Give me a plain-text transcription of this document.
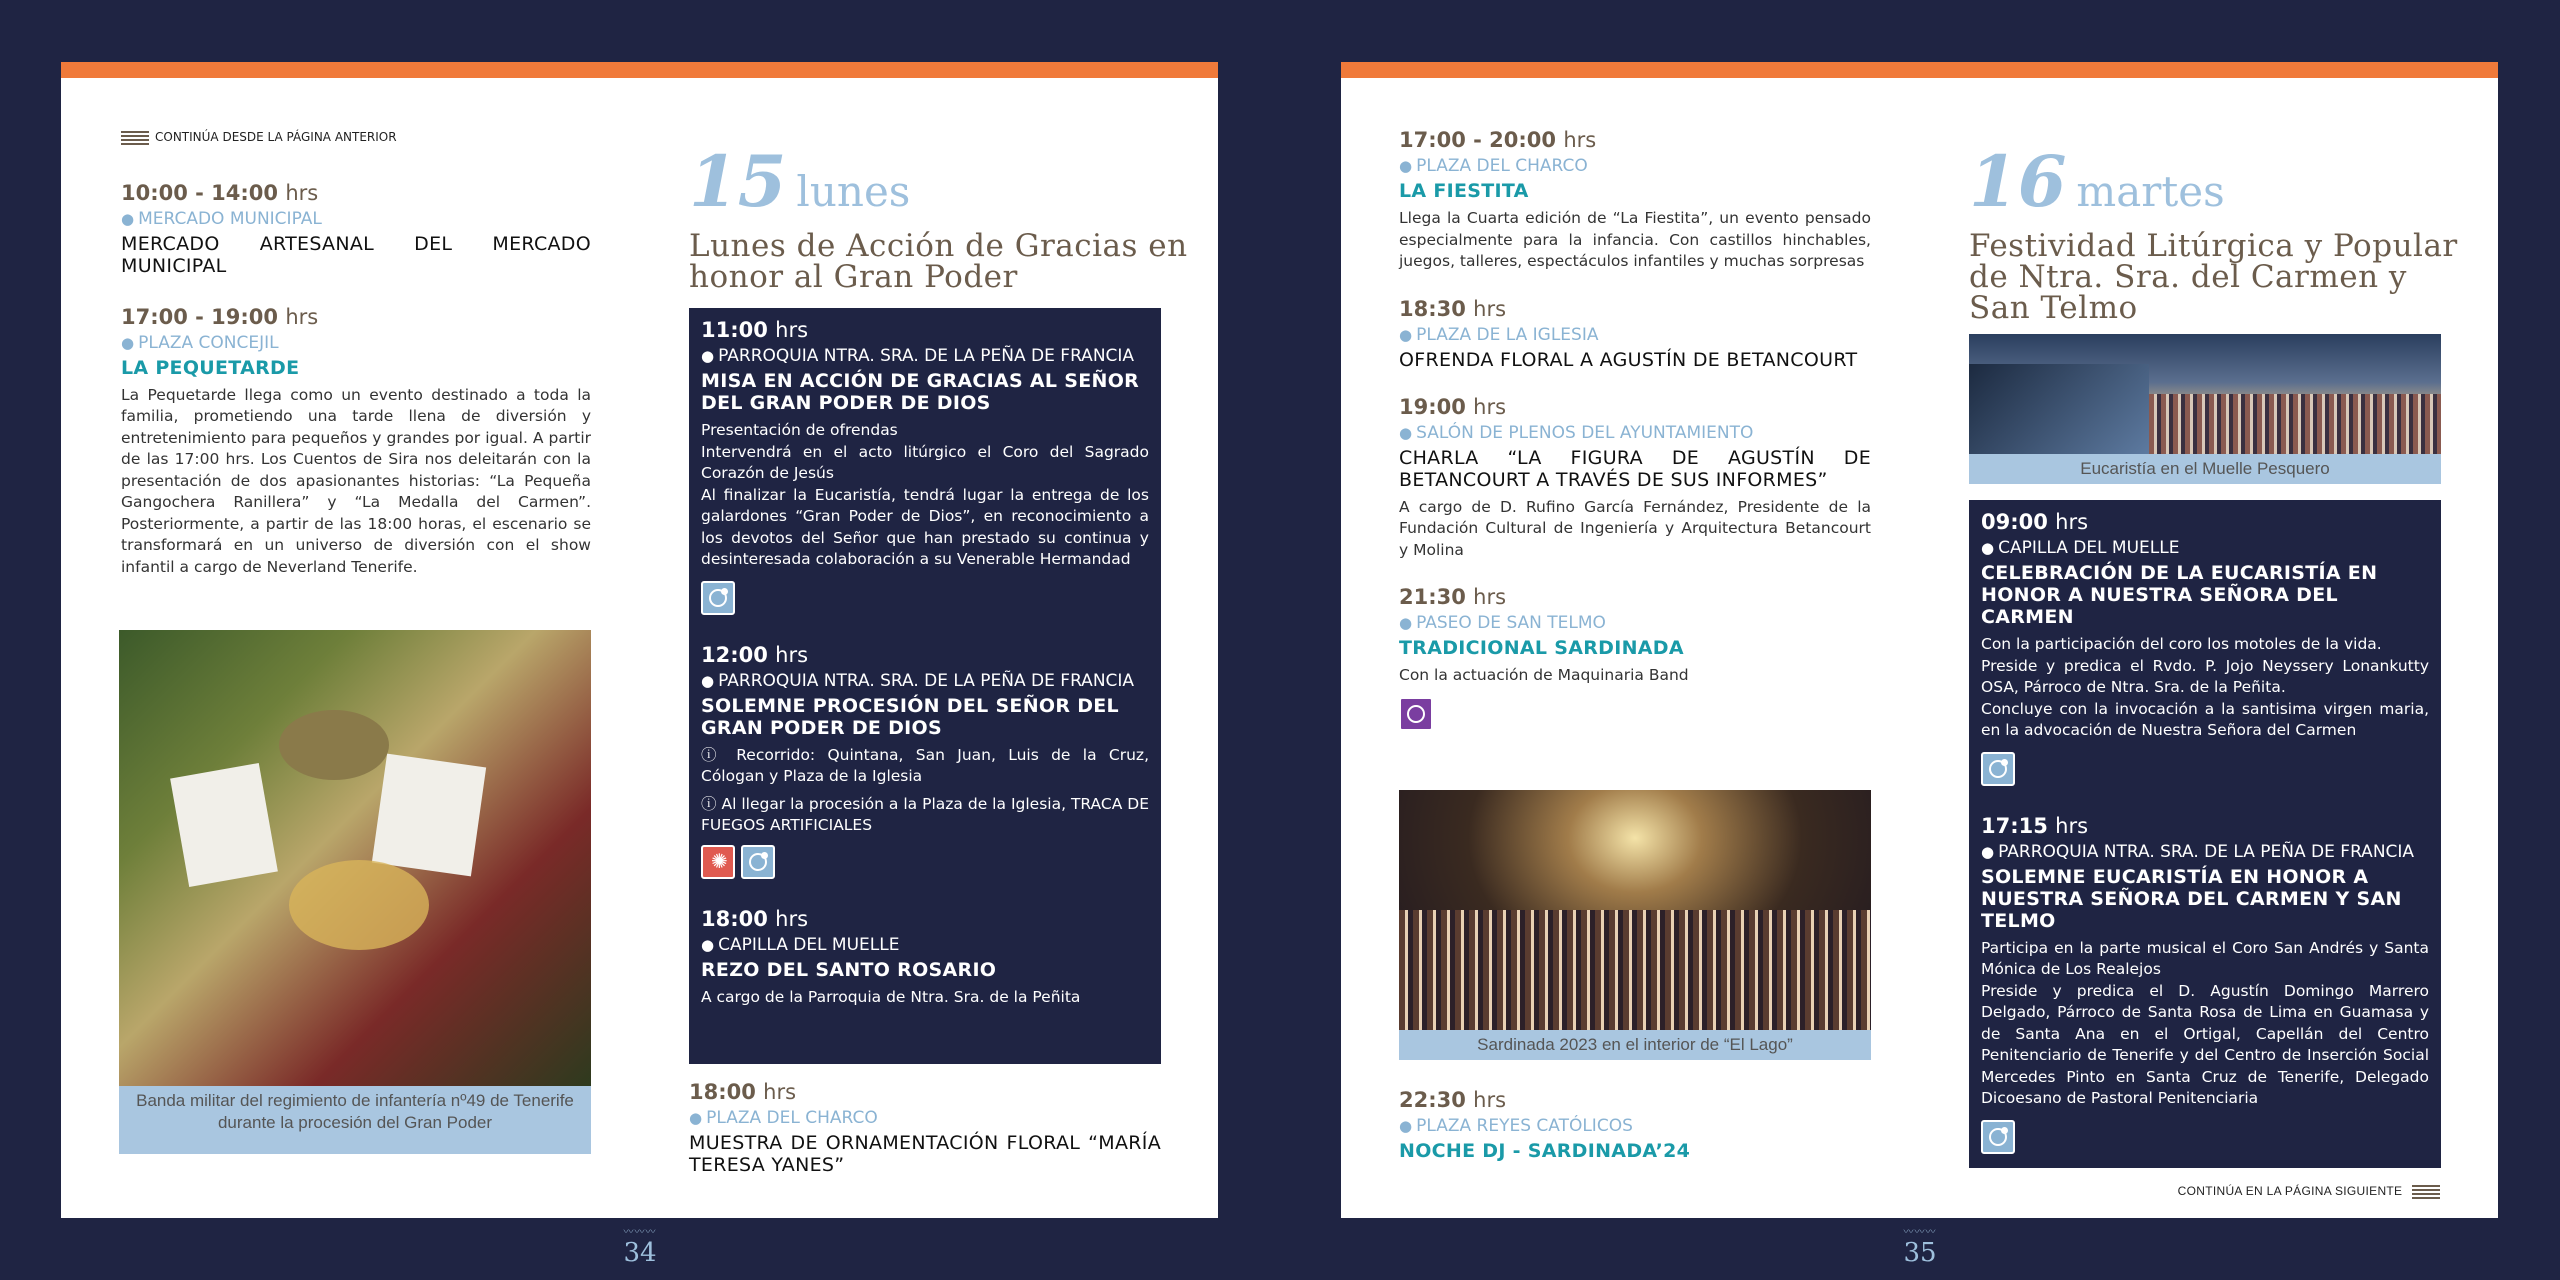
CONTINÚA DESDE LA PÁGINA ANTERIOR
10:00 - 14:00 hrs
● MERCADO MUNICIPAL
MERCADO ARTESANAL DEL MERCADO MUNICIPAL
17:00 - 19:00 hrs
● PLAZA CONCEJIL
LA PEQUETARDE
La Pequetarde llega como un evento destinado a toda la familia, prometiendo una tarde llena de diversión y entretenimiento para pequeños y grandes por igual. A partir de las 17:00 hrs. Los Cuentos de Sira nos deleitarán con la presentación de dos apasionantes historias: “La Pequeña Gangochera Ranillera” y “La Medalla del Carmen”. Posteriormente, a partir de las 18:00 horas, el escenario se transformará en un universo de diversión con el show infantil a cargo de Neverland Tenerife.
Banda militar del regimiento de infantería nº49 de Tenerife durante la procesión del Gran Poder
15 lunes
Lunes de Acción de Gracias en honor al Gran Poder
11:00 hrs
● PARROQUIA NTRA. SRA. DE LA PEÑA DE FRANCIA
MISA EN ACCIÓN DE GRACIAS AL SEÑOR DEL GRAN PODER DE DIOS
Presentación de ofrendas
Intervendrá en el acto litúrgico el Coro del Sagrado Corazón de Jesús
Al finalizar la Eucaristía, tendrá lugar la entrega de los galardones “Gran Poder de Dios”, en reconocimiento a los devotos del Señor que han prestado su continua y desinteresada colaboración a su Venerable Hermandad
12:00 hrs
● PARROQUIA NTRA. SRA. DE LA PEÑA DE FRANCIA
SOLEMNE PROCESIÓN DEL SEÑOR DEL GRAN PODER DE DIOS
ⓘ Recorrido: Quintana, San Juan, Luis de la Cruz, Cólogan y Plaza de la Iglesia
ⓘ Al llegar la procesión a la Plaza de la Iglesia, TRACA DE FUEGOS ARTIFICIALES
✺
18:00 hrs
● CAPILLA DEL MUELLE
REZO DEL SANTO ROSARIO
A cargo de la Parroquia de Ntra. Sra. de la Peñita
18:00 hrs
● PLAZA DEL CHARCO
MUESTRA DE ORNAMENTACIÓN FLORAL “MARÍA TERESA YANES”
〰〰〰
34
17:00 - 20:00 hrs
● PLAZA DEL CHARCO
LA FIESTITA
Llega la Cuarta edición de “La Fiestita”, un evento pensado especialmente para la infancia. Con castillos hinchables, juegos, talleres, espectáculos infantiles y muchas sorpresas
18:30 hrs
● PLAZA DE LA IGLESIA
OFRENDA FLORAL A AGUSTÍN DE BETANCOURT
19:00 hrs
● SALÓN DE PLENOS DEL AYUNTAMIENTO
CHARLA “LA FIGURA DE AGUSTÍN DE BETANCOURT A TRAVÉS DE SUS INFORMES”
A cargo de D. Rufino García Fernández, Presidente de la Fundación Cultural de Ingeniería y Arquitectura Betancourt y Molina
21:30 hrs
● PASEO DE SAN TELMO
TRADICIONAL SARDINADA
Con la actuación de Maquinaria Band
Sardinada 2023 en el interior de “El Lago”
22:30 hrs
● PLAZA REYES CATÓLICOS
NOCHE DJ - SARDINADA’24
16 martes
Festividad Litúrgica y Popular de Ntra. Sra. del Carmen y San Telmo
Eucaristía en el Muelle Pesquero
09:00 hrs
● CAPILLA DEL MUELLE
CELEBRACIÓN DE LA EUCARISTÍA EN HONOR A NUESTRA SEÑORA DEL CARMEN
Con la participación del coro los motoles de la vida.
Preside y predica el Rvdo. P. Jojo Neyssery Lonankutty OSA, Párroco de Ntra. Sra. de la Peñita.
Concluye con la invocación a la santisima virgen maria, en la advocación de Nuestra Señora del Carmen
17:15 hrs
● PARROQUIA NTRA. SRA. DE LA PEÑA DE FRANCIA
SOLEMNE EUCARISTÍA EN HONOR A NUESTRA SEÑORA DEL CARMEN Y SAN TELMO
Participa en la parte musical el Coro San Andrés y Santa Mónica de Los Realejos
Preside y predica el D. Agustín Domingo Marrero Delgado, Párroco de Santa Rosa de Lima en Guamasa y de Santa Ana en el Ortigal, Capellán del Centro Penitenciario de Tenerife y del Centro de Inserción Social Mercedes Pinto en Santa Cruz de Tenerife, Delegado Dicoesano de Pastoral Penitenciaria
CONTINÚA EN LA PÁGINA SIGUIENTE
〰〰〰
35
